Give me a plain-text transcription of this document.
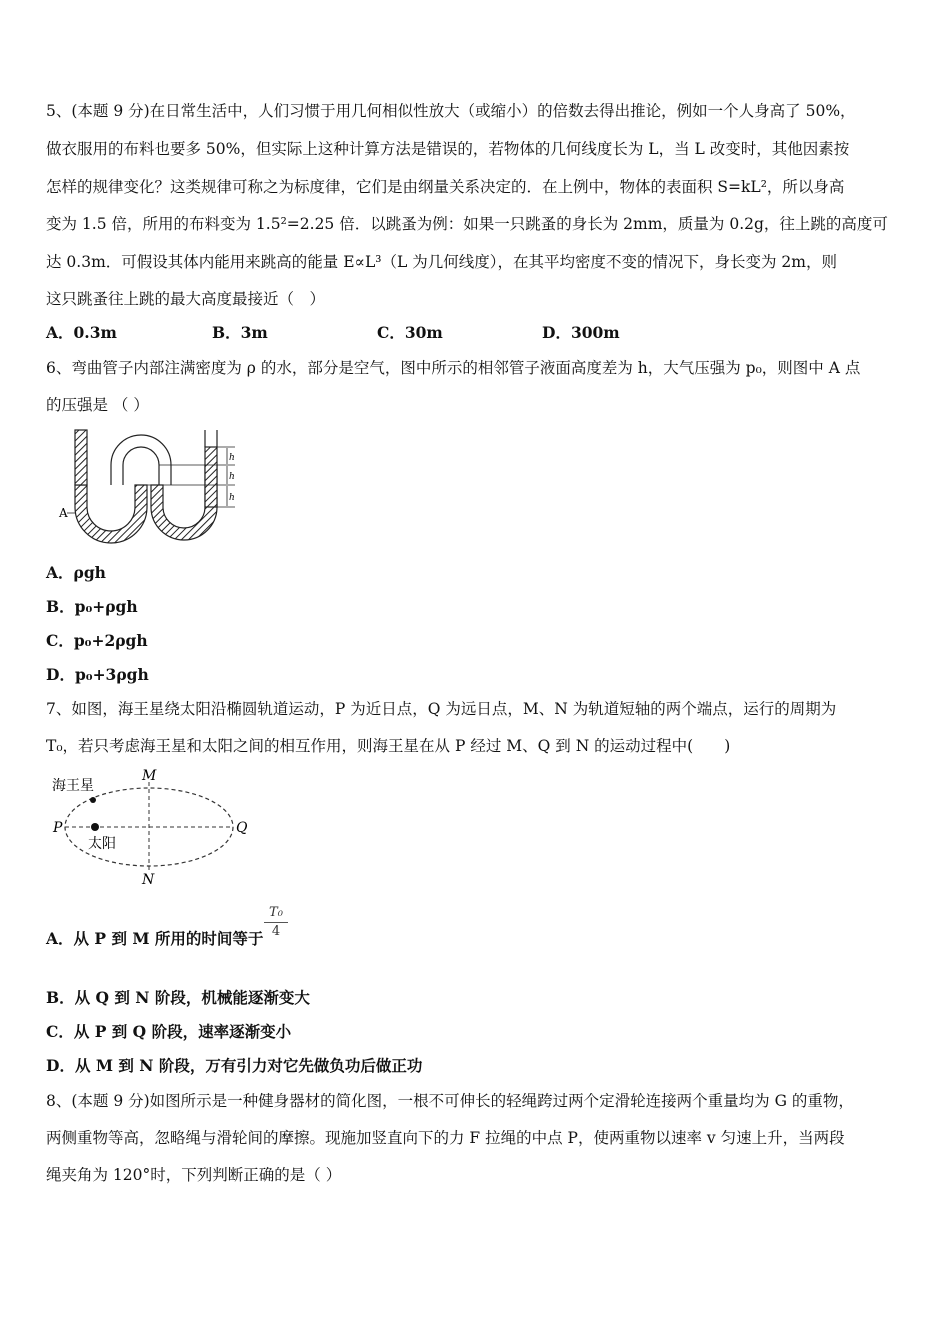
5、(本题 9 分)在日常生活中，人们习惯于用几何相似性放大（或缩小）的倍数去得出推论，例如一个人身高了 50%，
做衣服用的布料也要多 50%，但实际上这种计算方法是错误的，若物体的几何线度长为 L，当 L 改变时，其他因素按
怎样的规律变化？这类规律可称之为标度律，它们是由纲量关系决定的．在上例中，物体的表面积 S=kL²，所以身高
变为 1.5 倍，所用的布料变为 1.5²=2.25 倍．以跳蚤为例：如果一只跳蚤的身长为 2mm，质量为 0.2g，往上跳的高度可
达 0.3m．可假设其体内能用来跳高的能量 E∝L³（L 为几何线度），在其平均密度不变的情况下，身长变为 2m，则
这只跳蚤往上跳的最大高度最接近（　）
A．0.3m	B．3m	C．30m	D．300m
6、弯曲管子内部注满密度为 ρ 的水，部分是空气，图中所示的相邻管子液面高度差为 h，大气压强为 p₀，则图中 A 点
的压强是 （ ）
h
h
h
A
A．ρgh
B．p₀+ρgh
C．p₀+2ρgh
D．p₀+3ρgh
7、如图，海王星绕太阳沿椭圆轨道运动，P 为近日点，Q 为远日点，M、N 为轨道短轴的两个端点，运行的周期为
T₀，若只考虑海王星和太阳之间的相互作用，则海王星在从 P 经过 M、Q 到 N 的运动过程中(　　)
海王星
太阳
P	Q
M
N
A．从 P 到 M 所用的时间等于
T₀
4
B．从 Q 到 N 阶段，机械能逐渐变大
C．从 P 到 Q 阶段，速率逐渐变小
D．从 M 到 N 阶段，万有引力对它先做负功后做正功
8、(本题 9 分)如图所示是一种健身器材的简化图，一根不可伸长的轻绳跨过两个定滑轮连接两个重量均为 G 的重物，
两侧重物等高，忽略绳与滑轮间的摩擦。现施加竖直向下的力 F 拉绳的中点 P，使两重物以速率 v 匀速上升，当两段
绳夹角为 120°时，下列判断正确的是（ ）
